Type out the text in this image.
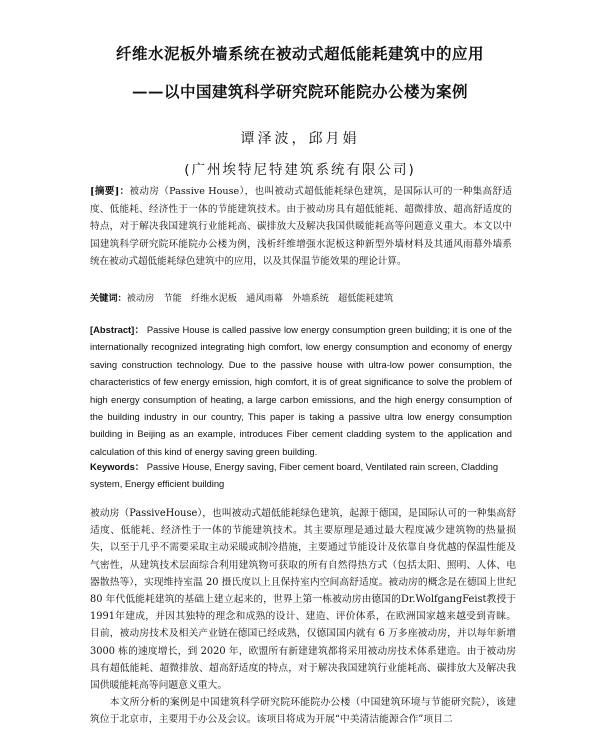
纤维水泥板外墙系统在被动式超低能耗建筑中的应用
——以中国建筑科学研究院环能院办公楼为案例
谭泽波，邱月娟
(广州埃特尼特建筑系统有限公司)
[摘要]：被动房（Passive House），也叫被动式超低能耗绿色建筑，是国际认可的一种集高舒适度、低能耗、经济性于一体的节能建筑技术。由于被动房具有超低能耗、超微排放、超高舒适度的特点，对于解决我国建筑行业能耗高、碳排放大及解决我国供暖能耗高等问题意义重大。本文以中国建筑科学研究院环能院办公楼为例，浅析纤维增强水泥板这种新型外墙材料及其通风雨幕外墙系统在被动式超低能耗绿色建筑中的应用，以及其保温节能效果的理论计算。
关键词：被动房　节能　纤维水泥板　通风雨幕　外墙系统　超低能耗建筑
[Abstract]： Passive House is called passive low energy consumption green building; it is one of the internationally recognized integrating high comfort, low energy consumption and economy of energy saving construction technology. Due to the passive house with ultra-low power consumption, the characteristics of few energy emission, high comfort, it is of great significance to solve the problem of high energy consumption of heating, a large carbon emissions, and the high energy consumption of the building industry in our country, This paper is taking a passive ultra low energy consumption building in Beijing as an example, introduces Fiber cement cladding system to the application and calculation of this kind of energy saving green building.
Keywords： Passive House, Energy saving, Fiber cement board, Ventilated rain screen, Cladding system, Energy efficient building

被动房（PassiveHouse），也叫被动式超低能耗绿色建筑，起源于德国，是国际认可的一种集高舒适度、低能耗、经济性于一体的节能建筑技术。其主要原理是通过最大程度减少建筑物的热量损失，以至于几乎不需要采取主动采暖或制冷措施，主要通过节能设计及依靠自身优越的保温性能及气密性，从建筑技术层面综合利用建筑物可获取的所有自然得热方式（包括太阳、照明、人体、电器散热等），实现维持室温 20 摄氏度以上且保持室内空间高舒适度。被动房的概念是在德国上世纪 80 年代低能耗建筑的基础上建立起来的，世界上第一栋被动房由德国的Dr.WolfgangFeist教授于1991年建成，并因其独特的理念和成熟的设计、建造、评价体系，在欧洲国家越来越受到青睐。目前，被动房技术及相关产业链在德国已经成熟，仅德国国内就有 6 万多座被动房，并以每年新增 3000 栋的速度增长，到 2020 年，欧盟所有新建建筑都将采用被动房技术体系建造。由于被动房具有超低能耗、超微排放、超高舒适度的特点，对于解决我国建筑行业能耗高、碳排放大及解决我国供暖能耗高等问题意义重大。

本文所分析的案例是中国建筑科学研究院环能院办公楼（中国建筑环境与节能研究院），该建筑位于北京市，主要用于办公及会议。该项目将成为开展“中美清洁能源合作”项目二
